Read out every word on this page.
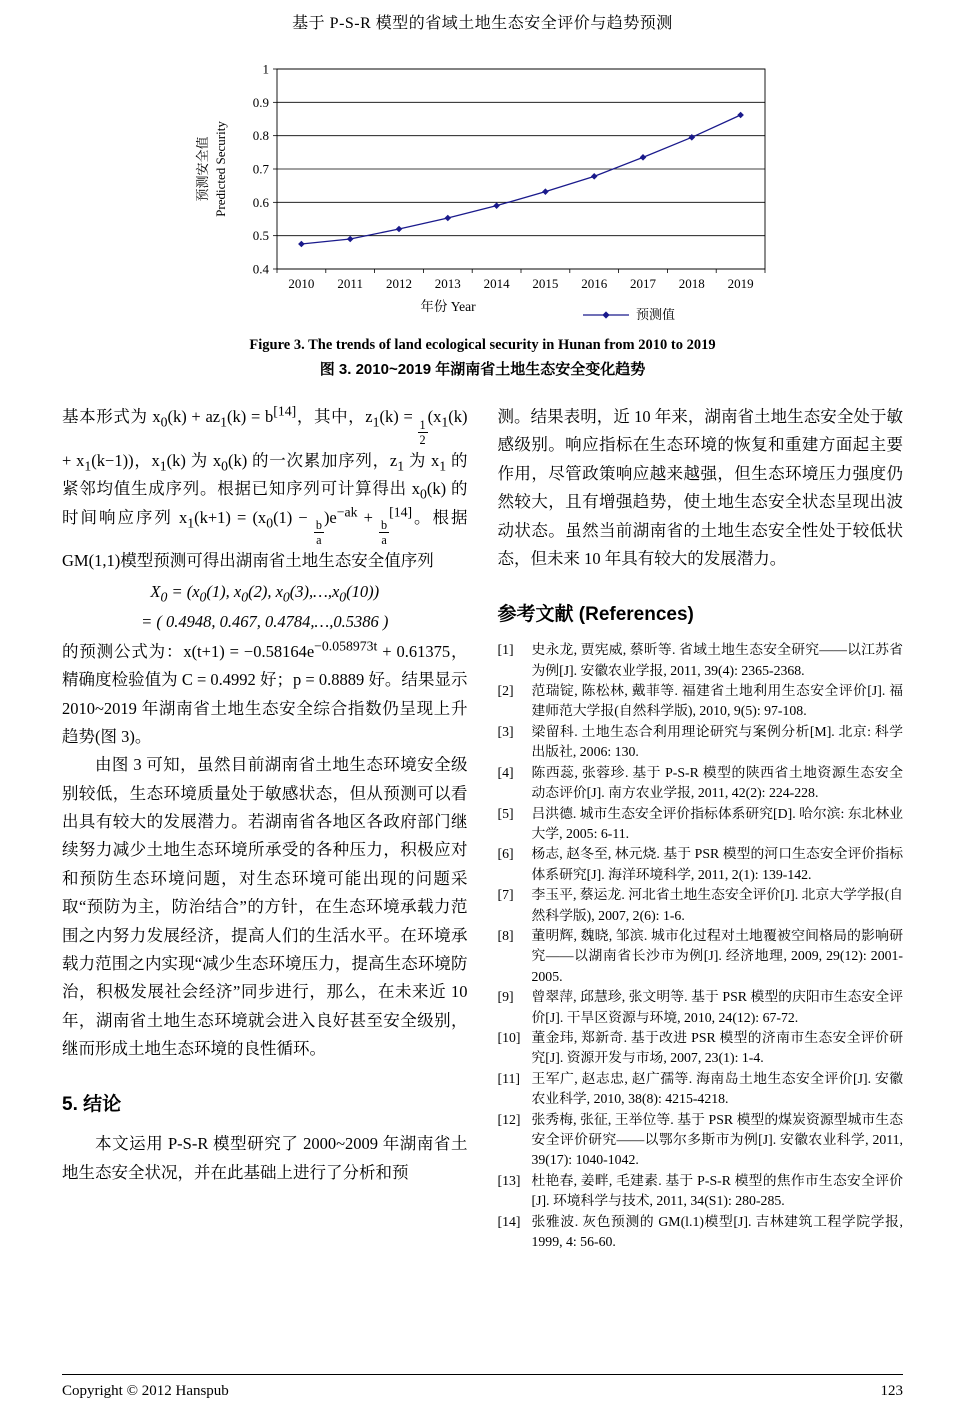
基于 P-S-R 模型的省域土地生态安全评价与趋势预测
0.4
0.5
0.6
0.7
0.8
0.9
1
2010 2011 2012 2013 2014 2015 2016 2017 2018 2019
预测安全值 Predicted Security
年份 Year
预测值
Figure 3. The trends of land ecological security in Hunan from 2010 to 2019
图 3. 2010~2019 年湖南省土地生态安全变化趋势

基本形式为 $x_0(k) + az_1(k) = b[14]$，其中，$z_1(k)$ =
$\frac{1}{2}$
$(x_1(k) + x_1(k-1))$，$x_1(k)$ 为 $x_0(k)$ 的一次累加序列，$z_1$ 为 $x_1$ 的紧邻均值生成序列。根据已知序列可计算得出 $x_0(k)$ 的时间响应序列 $x_1(k+1) = (x_0(1)$ −
$\frac{b}{a}$
)$e^{-ak}$ +
$\frac{b}{a}$
[14]。根据 GM(1,1)模型预测可得出湖南省土地生态安全值序列

$X_0 = (x_0(1)$, $x_0(2)$, $x_0(3),\dots,x_0(10)$)

= ( 0.4948, 0.467, 0.4784,…,0.5386 )

的预测公式为：$x(t+1) = -0.58164e^{-0.058973t} + 0.61375$，精确度检验值为 C = 0.4992 好；p = 0.8889 好。结果显示 2010~2019 年湖南省土地生态安全综合指数仍呈现上升趋势(图 3)。

由图 3 可知，虽然目前湖南省土地生态环境安全级别较低，生态环境质量处于敏感状态，但从预测可以看出具有较大的发展潜力。若湖南省各地区各政府部门继续努力减少土地生态环境所承受的各种压力，积极应对和预防生态环境问题，对生态环境可能出现的问题采取“预防为主，防治结合”的方针，在生态环境承载力范围之内努力发展经济，提高人们的生活水平。在环境承载力范围之内实现“减少生态环境压力，提高生态环境防治，积极发展社会经济”同步进行，那么，在未来近 10 年，湖南省土地生态环境就会进入良好甚至安全级别，继而形成土地生态环境的良性循环。

5. 结论

本文运用 P-S-R 模型研究了 2000~2009 年湖南省土地生态安全状况，并在此基础上进行了分析和预

测。结果表明，近 10 年来，湖南省土地生态安全处于敏感级别。响应指标在生态环境的恢复和重建方面起主要作用，尽管政策响应越来越强，但生态环境压力强度仍然较大，且有增强趋势，使土地生态安全状态呈现出波动状态。虽然当前湖南省的土地生态安全性处于较低状态，但未来 10 年具有较大的发展潜力。

参考文献 (References)
[1]	史永龙, 贾宪威, 蔡昕等. 省域土地生态安全研究——以江苏省为例[J]. 安徽农业学报, 2011, 39(4): 2365-2368.
[2]	范瑞锭, 陈松林, 戴菲等. 福建省土地利用生态安全评价[J]. 福建师范大学报(自然科学版), 2010, 9(5): 97-108.
[3]	梁留科. 土地生态合利用理论研究与案例分析[M]. 北京: 科学出版社, 2006: 130.
[4]	陈西蕊, 张蓉珍. 基于 P-S-R 模型的陕西省土地资源生态安全动态评价[J]. 南方农业学报, 2011, 42(2): 224-228.
[5]	吕洪德. 城市生态安全评价指标体系研究[D]. 哈尔滨: 东北林业大学, 2005: 6-11.
[6]	杨志, 赵冬至, 林元烧. 基于 PSR 模型的河口生态安全评价指标体系研究[J]. 海洋环境科学, 2011, 2(1): 139-142.
[7]	李玉平, 蔡运龙. 河北省土地生态安全评价[J]. 北京大学学报(自然科学版), 2007, 2(6): 1-6.
[8]	董明辉, 魏晓, 邹滨. 城市化过程对土地覆被空间格局的影响研究——以湖南省长沙市为例[J]. 经济地理, 2009, 29(12): 2001-2005.
[9]	曾翠萍, 邱慧珍, 张文明等. 基于 PSR 模型的庆阳市生态安全评价[J]. 干旱区资源与环境, 2010, 24(12): 67-72.
[10] 董金玮, 郑新奇. 基于改进 PSR 模型的济南市生态安全评价研究[J]. 资源开发与市场, 2007, 23(1): 1-4.
[11] 王军广, 赵志忠, 赵广孺等. 海南岛土地生态安全评价[J]. 安徽农业科学, 2010, 38(8): 4215-4218.
[12] 张秀梅, 张征, 王举位等. 基于 PSR 模型的煤炭资源型城市生态安全评价研究——以鄂尔多斯市为例[J]. 安徽农业科学, 2011, 39(17): 1040-1042.
[13] 杜艳春, 姜畔, 毛建素. 基于 P-S-R 模型的焦作市生态安全评价[J]. 环境科学与技术, 2011, 34(S1): 280-285.
[14] 张雅波. 灰色预测的 GM(l.1)模型[J]. 吉林建筑工程学院学报, 1999, 4: 56-60.
Copyright © 2012 Hanspub	123
